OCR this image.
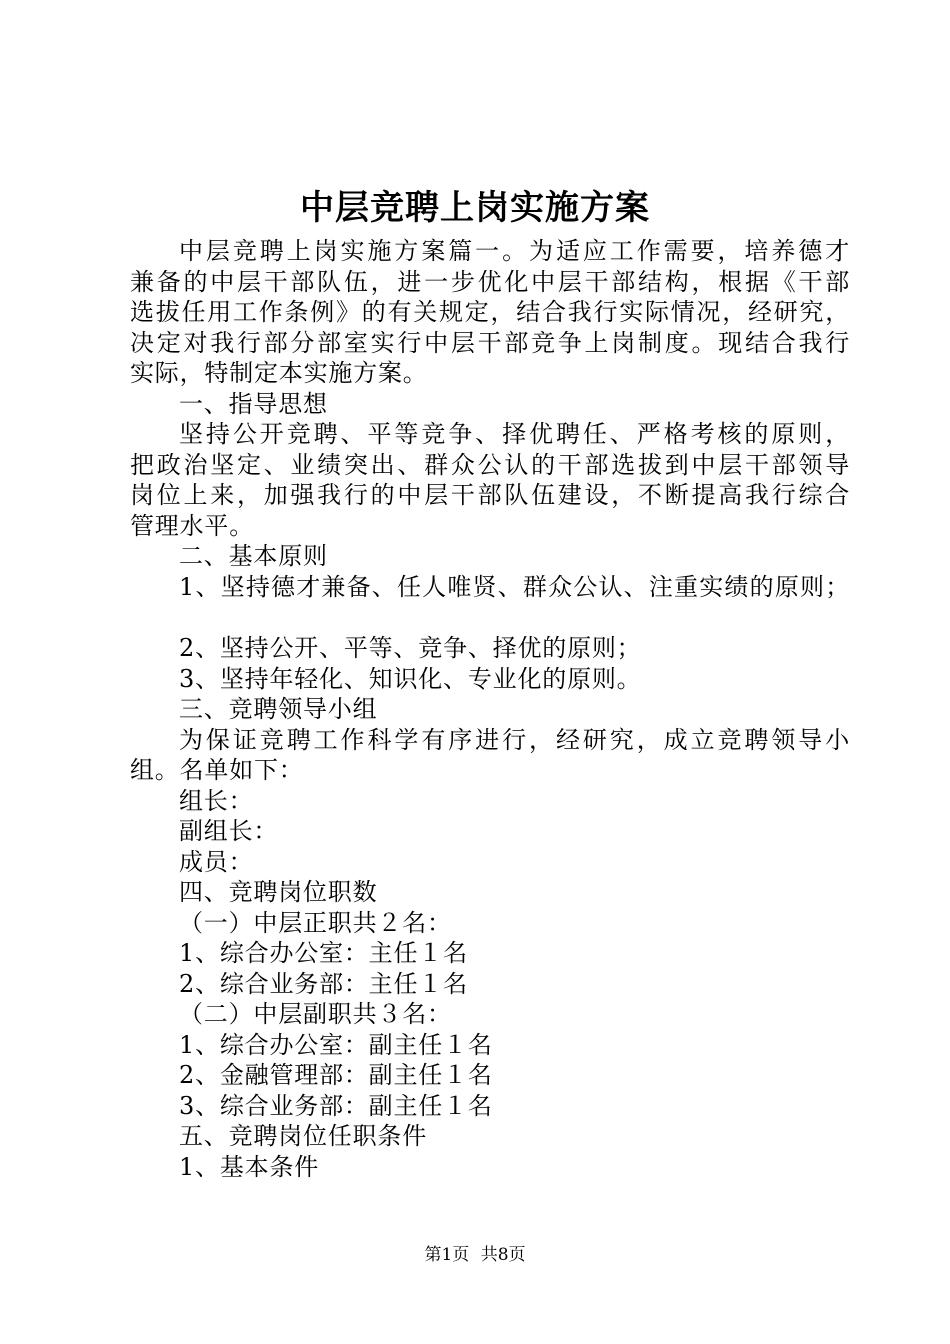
中层竞聘上岗实施方案
中层竞聘上岗实施方案篇一。为适应工作需要，培养德才
兼备的中层干部队伍，进一步优化中层干部结构，根据《干部
选拔任用工作条例》的有关规定，结合我行实际情况，经研究，
决定对我行部分部室实行中层干部竞争上岗制度。现结合我行
实际，特制定本实施方案。
一、指导思想
坚持公开竞聘、平等竞争、择优聘任、严格考核的原则，
把政治坚定、业绩突出、群众公认的干部选拔到中层干部领导
岗位上来，加强我行的中层干部队伍建设，不断提高我行综合
管理水平。
二、基本原则
1、坚持德才兼备、任人唯贤、群众公认、注重实绩的原则；
2、坚持公开、平等、竞争、择优的原则；
3、坚持年轻化、知识化、专业化的原则。
三、竞聘领导小组
为保证竞聘工作科学有序进行，经研究，成立竞聘领导小
组。名单如下：
组长：
副组长：
成员：
四、竞聘岗位职数
（一）中层正职共２名：
1、综合办公室：主任１名
2、综合业务部：主任１名
（二）中层副职共３名：
1、综合办公室：副主任１名
2、金融管理部：副主任１名
3、综合业务部：副主任１名
五、竞聘岗位任职条件
1、基本条件
第1页 共8页
